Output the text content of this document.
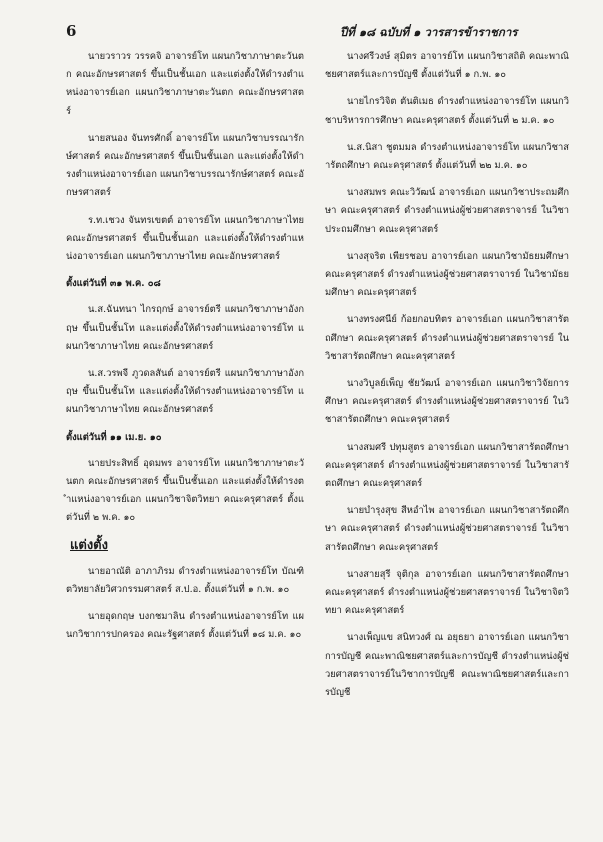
6	ปีที่ ๑๘ ฉบับที่ ๑ วารสารข้าราชการ

นายวราวร วรรคจิ อาจารย์โท แผนกวิชาภาษาตะวันตก คณะอักษรศาสตร์ ขึ้นเป็นชั้นเอก และแต่งตั้งให้ดำรงตำแหน่งอาจารย์เอก แผนกวิชาภาษาตะวันตก คณะอักษรศาสตร์

นายสนอง จันทรศักดิ์ อาจารย์โท แผนกวิชาบรรณารักษ์ศาสตร์ คณะอักษรศาสตร์ ขึ้นเป็นชั้นเอก และแต่งตั้งให้ดำรงตำแหน่งอาจารย์เอก แผนกวิชาบรรณารักษ์ศาสตร์ คณะอักษรศาสตร์

ร.ท.เชวง จันทรเขตต์ อาจารย์โท แผนกวิชาภาษาไทย คณะอักษรศาสตร์ ขึ้นเป็นชั้นเอก และแต่งตั้งให้ดำรงตำแหน่งอาจารย์เอก แผนกวิชาภาษาไทย คณะอักษรศาสตร์

ตั้งแต่วันที่ ๓๑ พ.ค. ๐๘

น.ส.ฉันทนา ไกรฤกษ์ อาจารย์ตรี แผนกวิชาภาษาอังกฤษ ขึ้นเป็นชั้นโท และแต่งตั้งให้ดำรงตำแหน่งอาจารย์โท แผนกวิชาภาษาไทย คณะอักษรศาสตร์

น.ส.วรพจี ภูวดลสันต์ อาจารย์ตรี แผนกวิชาภาษาอังกฤษ ขึ้นเป็นชั้นโท และแต่งตั้งให้ดำรงตำแหน่งอาจารย์โท แผนกวิชาภาษาไทย คณะอักษรศาสตร์

ตั้งแต่วันที่ ๑๑ เม.ย. ๑๐

นายประสิทธิ์ อุดมพร อาจารย์โท แผนกวิชาภาษาตะวันตก คณะอักษรศาสตร์ ขึ้นเป็นชั้นเอก และแต่งตั้งให้ดำรงตำแหน่งอาจารย์เอก แผนกวิชาจิตวิทยา คณะครุศาสตร์ ตั้งแต่วันที่ ๒ พ.ค. ๑๐

แต่งตั้ง

นายอาณัติ อาภาภิรม ดำรงตำแหน่งอาจารย์โท บัณฑิตวิทยาลัยวิศวกรรมศาสตร์ ส.ป.อ. ตั้งแต่วันที่ ๑ ก.พ. ๑๐

นายอุดกฤษ บงกชมาลิน ดำรงตำแหน่งอาจารย์โท แผนกวิชาการปกครอง คณะรัฐศาสตร์ ตั้งแต่วันที่ ๑๘ ม.ค. ๑๐

นางศรีวงษ์ สุมิตร อาจารย์โท แผนกวิชาสถิติ คณะพาณิชยศาสตร์และการบัญชี ตั้งแต่วันที่ ๑ ก.พ. ๑๐

นายไกรวิจิต ตันติเมธ ดำรงตำแหน่งอาจารย์โท แผนกวิชาบริหารการศึกษา คณะครุศาสตร์ ตั้งแต่วันที่ ๒ ม.ค. ๑๐

น.ส.นิสา ชูตมมล ดำรงตำแหน่งอาจารย์โท แผนกวิชาสารัตถศึกษา คณะครุศาสตร์ ตั้งแต่วันที่ ๒๒ ม.ค. ๑๐

นางสมพร คณะวิวัฒน์ อาจารย์เอก แผนกวิชาประถมศึกษา คณะครุศาสตร์ ดำรงตำแหน่งผู้ช่วยศาสตราจารย์ ในวิชาประถมศึกษา คณะครุศาสตร์

นางสุจริต เพียรชอบ อาจารย์เอก แผนกวิชามัธยมศึกษา คณะครุศาสตร์ ดำรงตำแหน่งผู้ช่วยศาสตราจารย์ ในวิชามัธยมศึกษา คณะครุศาสตร์

นางทรงศนีย์ ก้อยกอบทิตร อาจารย์เอก แผนกวิชาสารัตถศึกษา คณะครุศาสตร์ ดำรงตำแหน่งผู้ช่วยศาสตราจารย์ ในวิชาสารัตถศึกษา คณะครุศาสตร์

นางวิบูลย์เพ็ญ ชัยวัฒน์ อาจารย์เอก แผนกวิชาวิจัยการศึกษา คณะครุศาสตร์ ดำรงตำแหน่งผู้ช่วยศาสตราจารย์ ในวิชาสารัตถศึกษา คณะครุศาสตร์

นางสมศรี ปทุมสูตร อาจารย์เอก แผนกวิชาสารัตถศึกษา คณะครุศาสตร์ ดำรงตำแหน่งผู้ช่วยศาสตราจารย์ ในวิชาสารัตถศึกษา คณะครุศาสตร์

นายบำรุงสุข สีหอำไพ อาจารย์เอก แผนกวิชาสารัตถศึกษา คณะครุศาสตร์ ดำรงตำแหน่งผู้ช่วยศาสตราจารย์ ในวิชาสารัตถศึกษา คณะครุศาสตร์

นางสายสุรี จุติกุล อาจารย์เอก แผนกวิชาสารัตถศึกษา คณะครุศาสตร์ ดำรงตำแหน่งผู้ช่วยศาสตราจารย์ ในวิชาจิตวิทยา คณะครุศาสตร์

นางเพ็ญแข สนิทวงศ์ ณ อยุธยา อาจารย์เอก แผนกวิชาการบัญชี คณะพาณิชยศาสตร์และการบัญชี ดำรงตำแหน่งผู้ช่วยศาสตราจารย์ในวิชาการบัญชี คณะพาณิชยศาสตร์และการบัญชี
